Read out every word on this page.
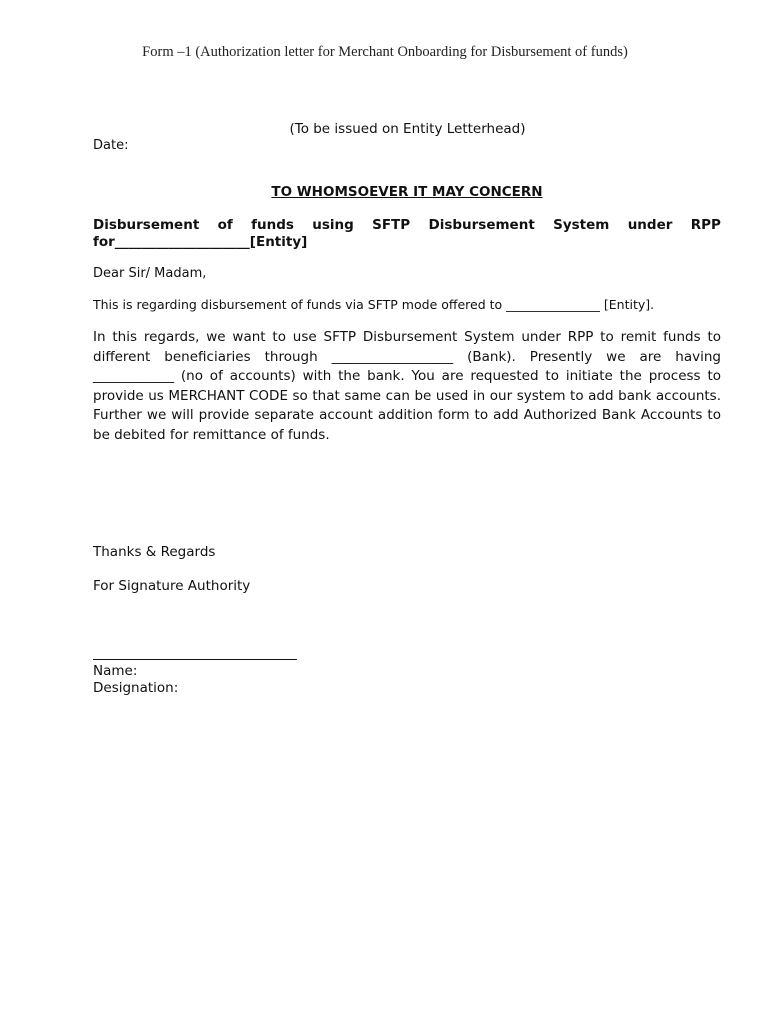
Form –1 (Authorization letter for Merchant Onboarding for Disbursement of funds)
(To be issued on Entity Letterhead)
Date:
TO WHOMSOEVER IT MAY CONCERN
Disbursement of funds using SFTP Disbursement System under RPP
for____________________[Entity]
Dear Sir/ Madam,
This is regarding disbursement of funds via SFTP mode offered to _______________ [Entity].
In this regards, we want to use SFTP Disbursement System under RPP to remit funds to different beneficiaries through __________________ (Bank). Presently we are having ____________ (no of accounts) with the bank. You are requested to initiate the process to provide us MERCHANT CODE so that same can be used in our system to add bank accounts. Further we will provide separate account addition form to add Authorized Bank Accounts to be debited for remittance of funds.
Thanks & Regards
For Signature Authority
Name:
Designation:
